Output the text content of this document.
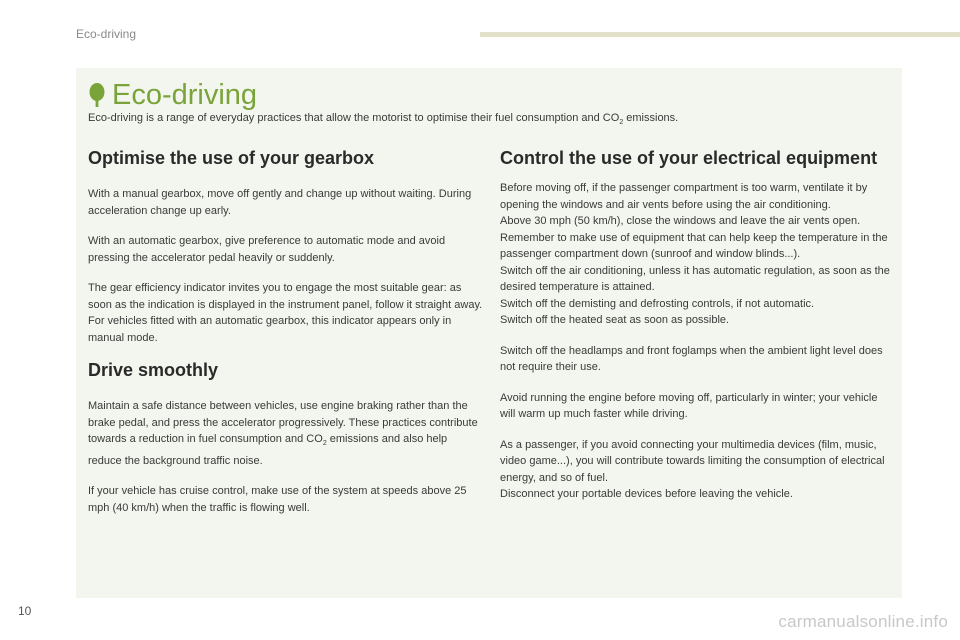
Eco-driving
Eco-driving

Eco-driving is a range of everyday practices that allow the motorist to optimise their fuel consumption and $CO_2$ emissions.

Optimise the use of your gearbox

With a manual gearbox, move off gently and change up without waiting. During acceleration change up early.

With an automatic gearbox, give preference to automatic mode and avoid pressing the accelerator pedal heavily or suddenly.

The gear efficiency indicator invites you to engage the most suitable gear: as soon as the indication is displayed in the instrument panel, follow it straight away.
For vehicles fitted with an automatic gearbox, this indicator appears only in manual mode.

Drive smoothly

Maintain a safe distance between vehicles, use engine braking rather than the brake pedal, and press the accelerator progressively. These practices contribute towards a reduction in fuel consumption and $CO_2$ emissions and also help reduce the background traffic noise.

If your vehicle has cruise control, make use of the system at speeds above 25 mph (40 km/h) when the traffic is flowing well.

Control the use of your electrical equipment

Before moving off, if the passenger compartment is too warm, ventilate it by opening the windows and air vents before using the air conditioning.
Above 30 mph (50 km/h), close the windows and leave the air vents open.
Remember to make use of equipment that can help keep the temperature in the passenger compartment down (sunroof and window blinds...).
Switch off the air conditioning, unless it has automatic regulation, as soon as the desired temperature is attained.
Switch off the demisting and defrosting controls, if not automatic.
Switch off the heated seat as soon as possible.

Switch off the headlamps and front foglamps when the ambient light level does not require their use.

Avoid running the engine before moving off, particularly in winter; your vehicle will warm up much faster while driving.

As a passenger, if you avoid connecting your multimedia devices (film, music, video game...), you will contribute towards limiting the consumption of electrical energy, and so of fuel.
Disconnect your portable devices before leaving the vehicle.

10
carmanualsonline.info
